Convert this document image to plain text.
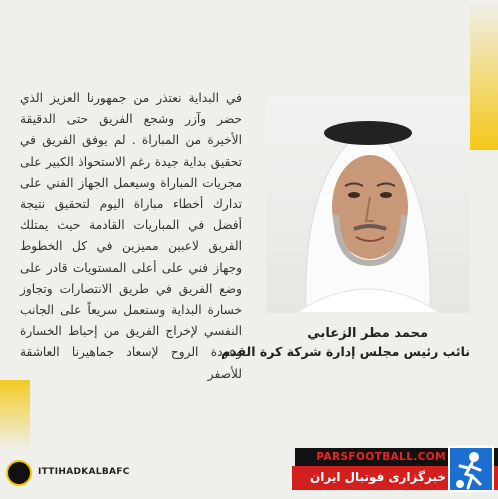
في البداية نعتذر من جمهورنا العزيز الذي حضر وآزر وشجع الفريق حتى الدقيقة الأخيرة من المباراة . لم يوفق الفريق في تحقيق بداية جيدة رغم الاستحواذ الكبير على مجريات المباراة وسيعمل الجهاز الفني على تدارك أخطاء مباراة اليوم لتحقيق نتيجة أفضل في المباريات القادمة حيث يمتلك الفريق لاعبين مميزين في كل الخطوط وجهاز فني على أعلى المستويات قادر على وضع الفريق في طريق الانتصارات وتجاوز خسارة البداية وسنعمل سريعاً على الجانب النفسي لإخراج الفريق من إحباط الخسارة وعودة الروح لإسعاد جماهيرنا العاشقة للأصفر

محمد مطر الزعابي
نائب رئيس مجلس إدارة شركة كرة القدم
ITTIHADKALBAFC
PARSFOOTBALL.COM
خبرگزاری فوتبال ایران
